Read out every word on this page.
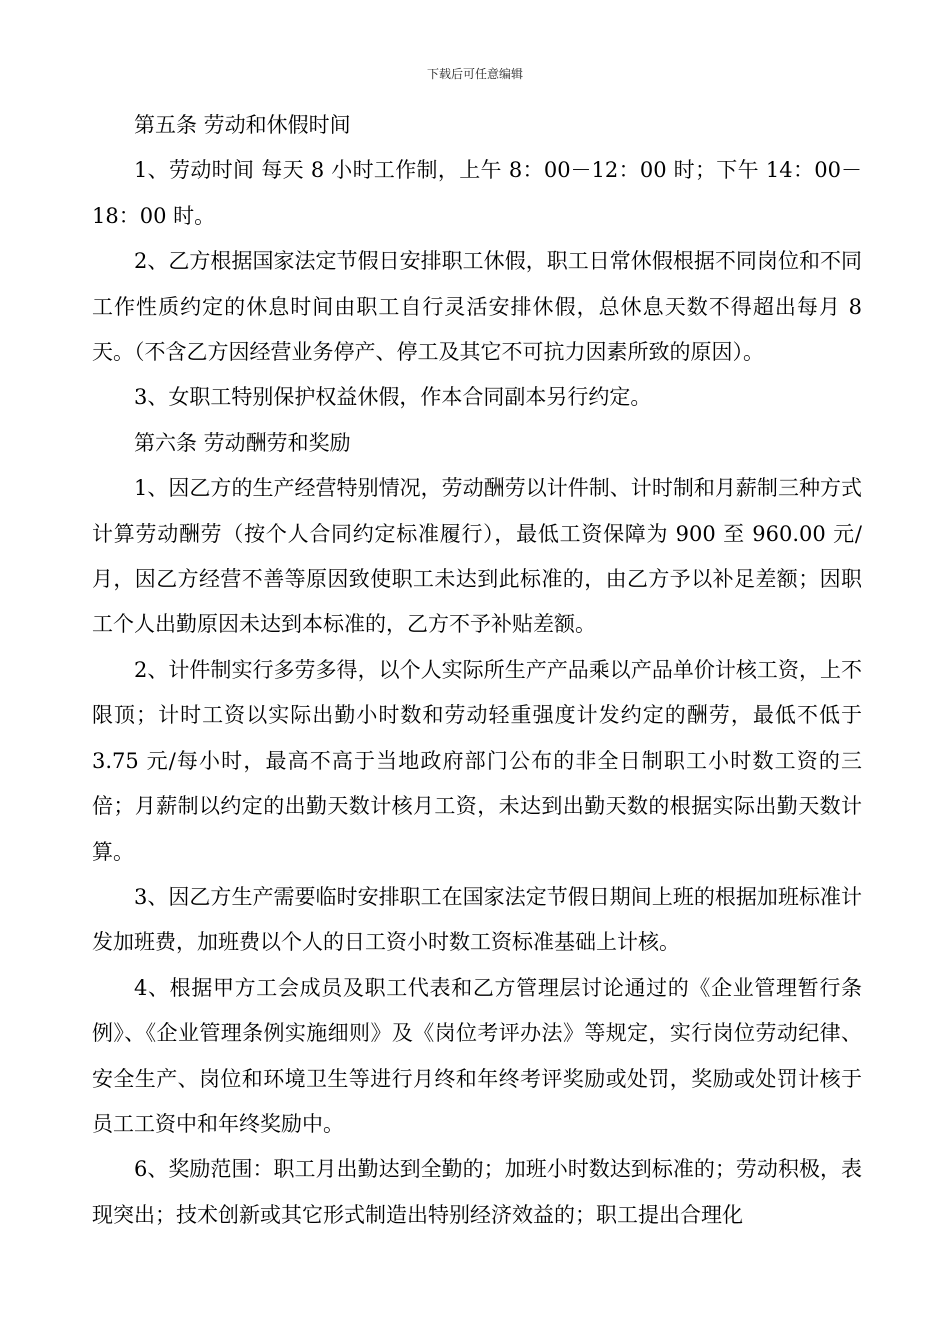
下载后可任意编辑

第五条 劳动和休假时间

1、劳动时间 每天 8 小时工作制，上午 8：00－12：00 时；下午 14：00－18：00 时。

2、乙方根据国家法定节假日安排职工休假，职工日常休假根据不同岗位和不同工作性质约定的休息时间由职工自行灵活安排休假，总休息天数不得超出每月 8 天。（不含乙方因经营业务停产、停工及其它不可抗力因素所致的原因）。

3、女职工特别保护权益休假，作本合同副本另行约定。

第六条 劳动酬劳和奖励

1、因乙方的生产经营特别情况，劳动酬劳以计件制、计时制和月薪制三种方式计算劳动酬劳（按个人合同约定标准履行），最低工资保障为 900 至 960.00 元/月，因乙方经营不善等原因致使职工未达到此标准的，由乙方予以补足差额；因职工个人出勤原因未达到本标准的，乙方不予补贴差额。

2、计件制实行多劳多得，以个人实际所生产产品乘以产品单价计核工资，上不限顶；计时工资以实际出勤小时数和劳动轻重强度计发约定的酬劳，最低不低于 3.75 元/每小时，最高不高于当地政府部门公布的非全日制职工小时数工资的三倍；月薪制以约定的出勤天数计核月工资，未达到出勤天数的根据实际出勤天数计算。

3、因乙方生产需要临时安排职工在国家法定节假日期间上班的根据加班标准计发加班费，加班费以个人的日工资小时数工资标准基础上计核。

4、根据甲方工会成员及职工代表和乙方管理层讨论通过的《企业管理暂行条例》、《企业管理条例实施细则》及《岗位考评办法》等规定，实行岗位劳动纪律、安全生产、岗位和环境卫生等进行月终和年终考评奖励或处罚，奖励或处罚计核于员工工资中和年终奖励中。

6、奖励范围：职工月出勤达到全勤的；加班小时数达到标准的；劳动积极，表现突出；技术创新或其它形式制造出特别经济效益的；职工提出合理化
